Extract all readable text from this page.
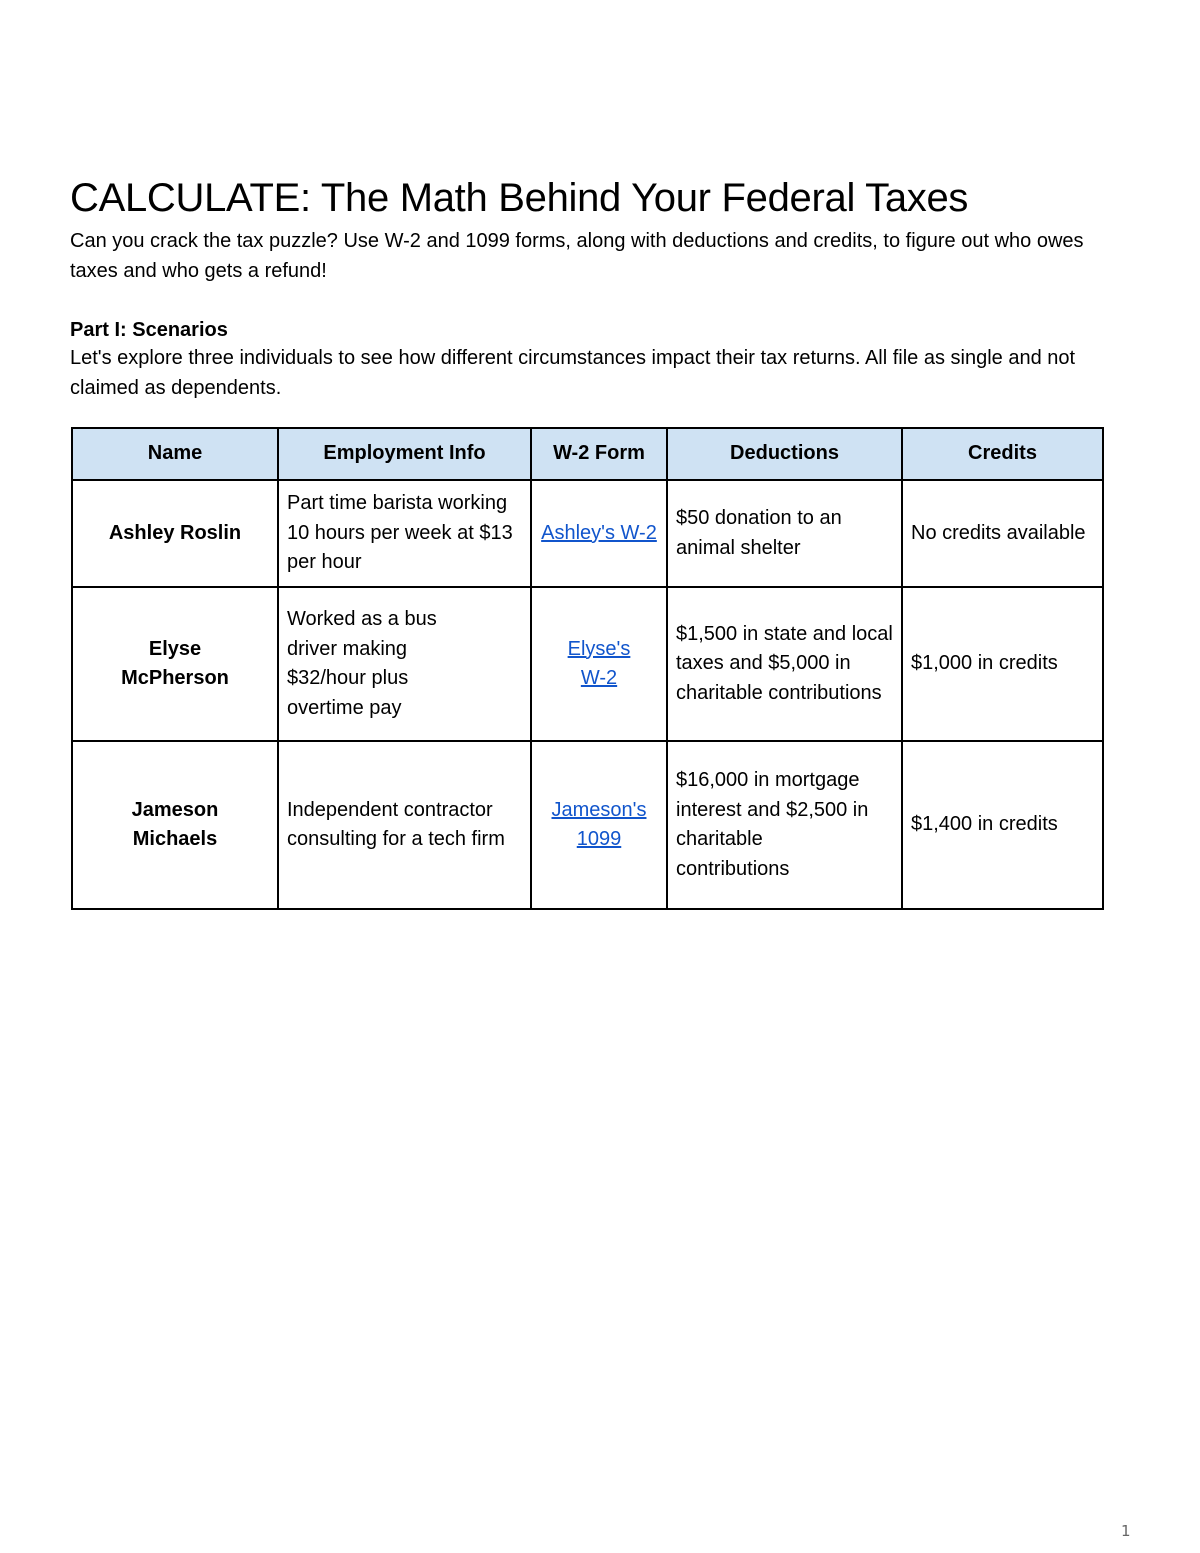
CALCULATE: The Math Behind Your Federal Taxes

Can you crack the tax puzzle? Use W-2 and 1099 forms, along with deductions and credits, to figure out who owes taxes and who gets a refund!

Part I: Scenarios

Let's explore three individuals to see how different circumstances impact their tax returns. All file as single and not claimed as dependents.

Name	Employment Info	W-2 Form	Deductions	Credits
Ashley Roslin	Part time barista working 10 hours per week at $13 per hour	Ashley's W-2	$50 donation to an animal shelter	No credits available
Elyse McPherson	Worked as a bus driver making $32/hour plus overtime pay	Elyse's W-2	$1,500 in state and local taxes and $5,000 in charitable contributions	$1,000 in credits
Jameson Michaels	Independent contractor consulting for a tech firm	Jameson's 1099	$16,000 in mortgage interest and $2,500 in charitable contributions	$1,400 in credits
1
